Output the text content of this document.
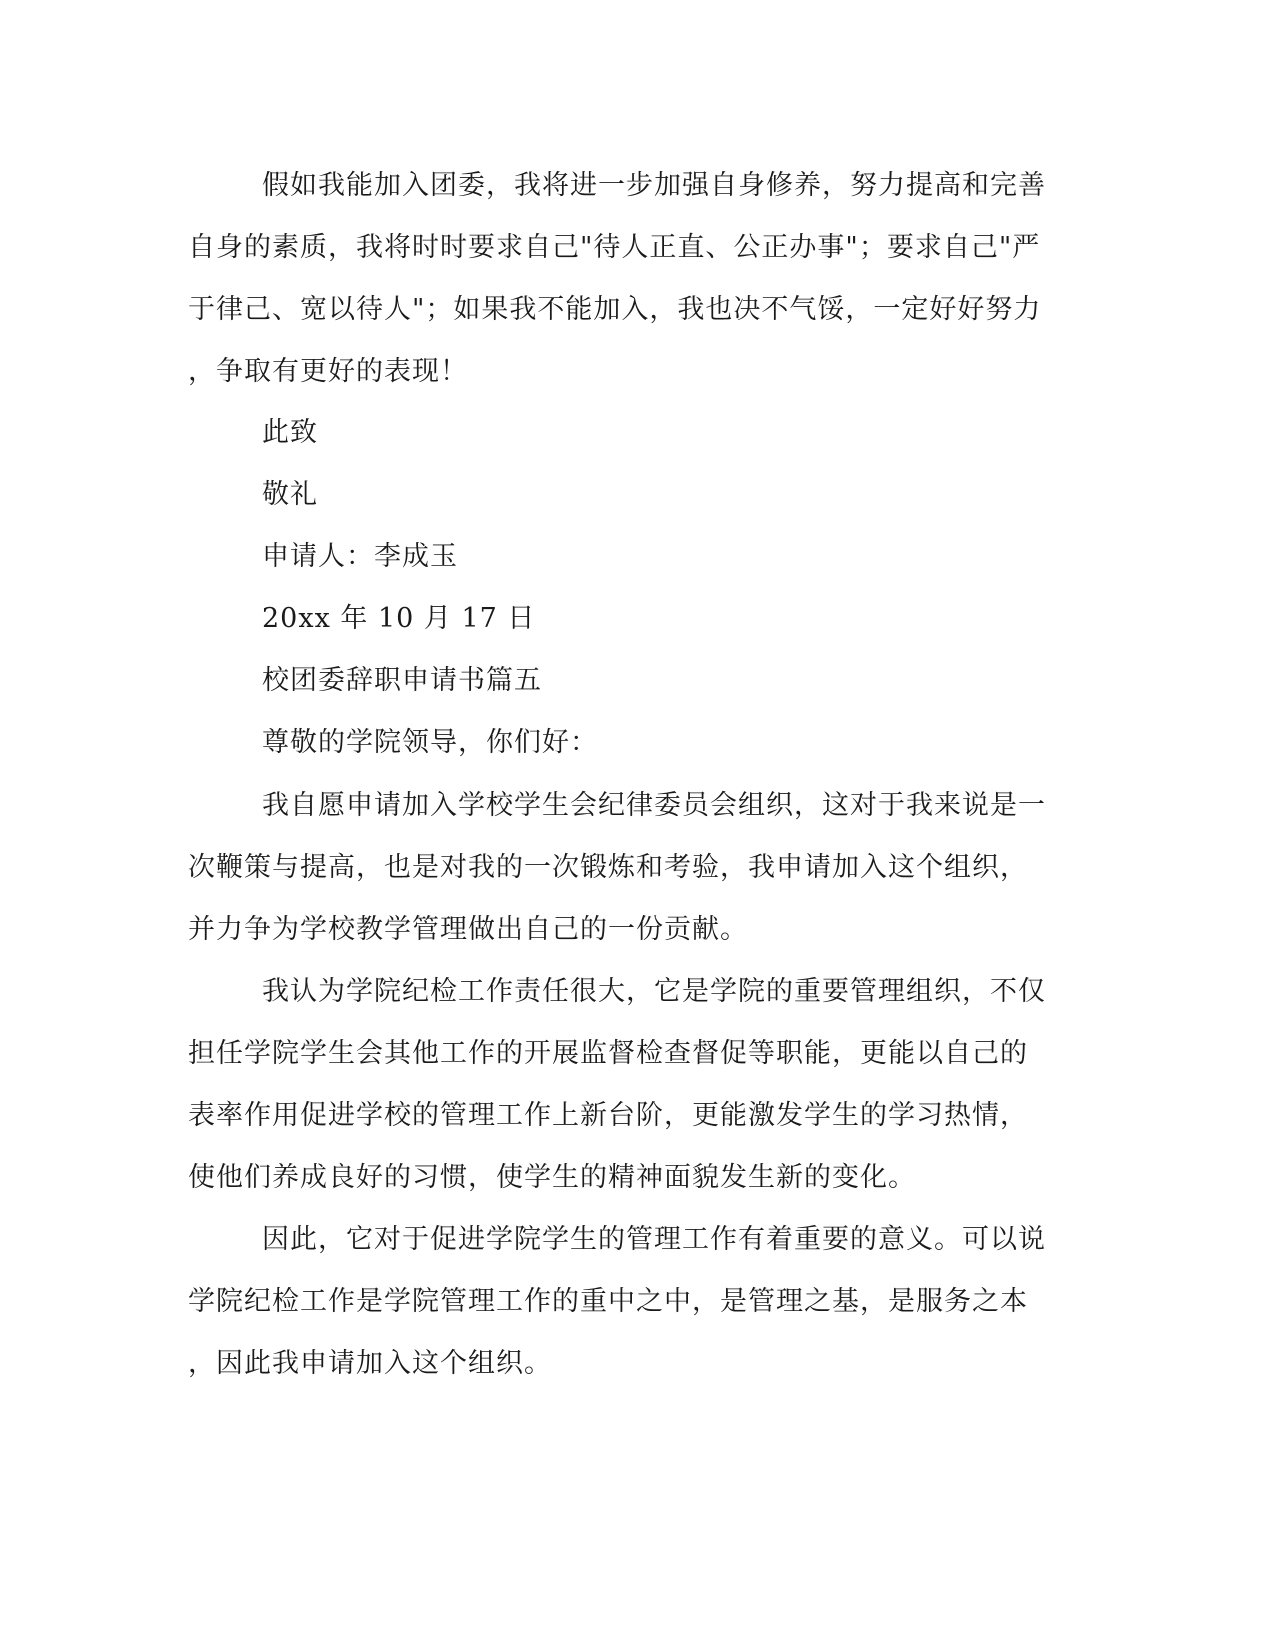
假如我能加入团委，我将进一步加强自身修养，努力提高和完善
自身的素质，我将时时要求自己"待人正直、公正办事"；要求自己"严
于律己、宽以待人"；如果我不能加入，我也决不气馁，一定好好努力
，争取有更好的表现！
此致
敬礼
申请人：李成玉
20xx 年 10 月 17 日
校团委辞职申请书篇五
尊敬的学院领导，你们好：
我自愿申请加入学校学生会纪律委员会组织，这对于我来说是一
次鞭策与提高，也是对我的一次锻炼和考验，我申请加入这个组织，
并力争为学校教学管理做出自己的一份贡献。
我认为学院纪检工作责任很大，它是学院的重要管理组织，不仅
担任学院学生会其他工作的开展监督检查督促等职能，更能以自己的
表率作用促进学校的管理工作上新台阶，更能激发学生的学习热情，
使他们养成良好的习惯，使学生的精神面貌发生新的变化。
因此，它对于促进学院学生的管理工作有着重要的意义。可以说
学院纪检工作是学院管理工作的重中之中，是管理之基，是服务之本
，因此我申请加入这个组织。
